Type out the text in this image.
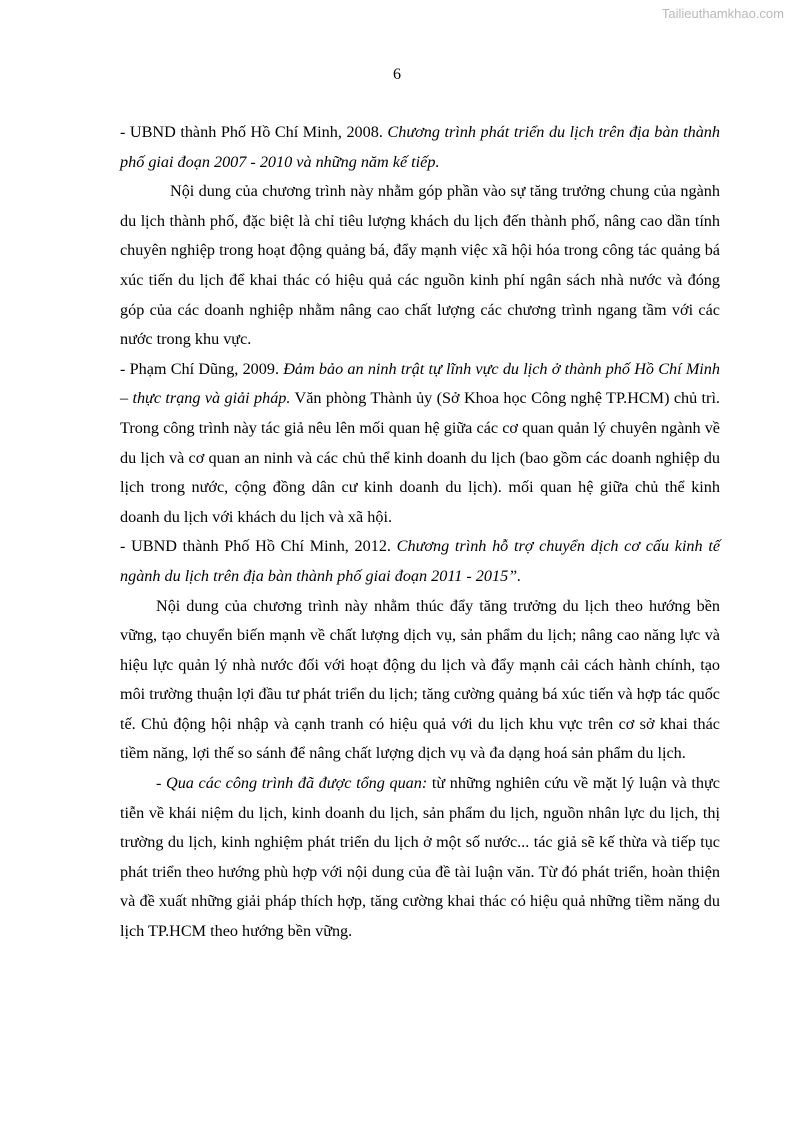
Tailieuthamkhao.com
6

- UBND thành Phố Hồ Chí Minh, 2008. Chương trình phát triển du lịch trên địa bàn thành phố giai đoạn 2007 - 2010 và những năm kế tiếp.

Nội dung của chương trình này nhằm góp phần vào sự tăng trưởng chung của ngành du lịch thành phố, đặc biệt là chỉ tiêu lượng khách du lịch đến thành phố, nâng cao dần tính chuyên nghiệp trong hoạt động quảng bá, đẩy mạnh việc xã hội hóa trong công tác quảng bá xúc tiến du lịch để khai thác có hiệu quả các nguồn kinh phí ngân sách nhà nước và đóng góp của các doanh nghiệp nhằm nâng cao chất lượng các chương trình ngang tầm với các nước trong khu vực.

- Phạm Chí Dũng, 2009. Đảm bảo an ninh trật tự lĩnh vực du lịch ở thành phố Hồ Chí Minh – thực trạng và giải pháp. Văn phòng Thành ủy (Sở Khoa học Công nghệ TP.HCM) chủ trì. Trong công trình này tác giả nêu lên mối quan hệ giữa các cơ quan quản lý chuyên ngành về du lịch và cơ quan an ninh và các chủ thể kinh doanh du lịch (bao gồm các doanh nghiệp du lịch trong nước, cộng đồng dân cư kinh doanh du lịch). mối quan hệ giữa chủ thể kinh doanh du lịch với khách du lịch và xã hội.

- UBND thành Phố Hồ Chí Minh, 2012. Chương trình hỗ trợ chuyển dịch cơ cấu kinh tế ngành du lịch trên địa bàn thành phố giai đoạn 2011 - 2015”.

Nội dung của chương trình này nhằm thúc đẩy tăng trưởng du lịch theo hướng bền vững, tạo chuyển biến mạnh về chất lượng dịch vụ, sản phẩm du lịch; nâng cao năng lực và hiệu lực quản lý nhà nước đối với hoạt động du lịch và đẩy mạnh cải cách hành chính, tạo môi trường thuận lợi đầu tư phát triển du lịch; tăng cường quảng bá xúc tiến và hợp tác quốc tế. Chủ động hội nhập và cạnh tranh có hiệu quả với du lịch khu vực trên cơ sở khai thác tiềm năng, lợi thế so sánh để nâng chất lượng dịch vụ và đa dạng hoá sản phẩm du lịch.

- Qua các công trình đã được tổng quan: từ những nghiên cứu về mặt lý luận và thực tiễn về khái niệm du lịch, kinh doanh du lịch, sản phẩm du lịch, nguồn nhân lực du lịch, thị trường du lịch, kinh nghiệm phát triển du lịch ở một số nước... tác giả sẽ kế thừa và tiếp tục phát triển theo hướng phù hợp với nội dung của đề tài luận văn. Từ đó phát triển, hoàn thiện và đề xuất những giải pháp thích hợp, tăng cường khai thác có hiệu quả những tiềm năng du lịch TP.HCM theo hướng bền vững.
